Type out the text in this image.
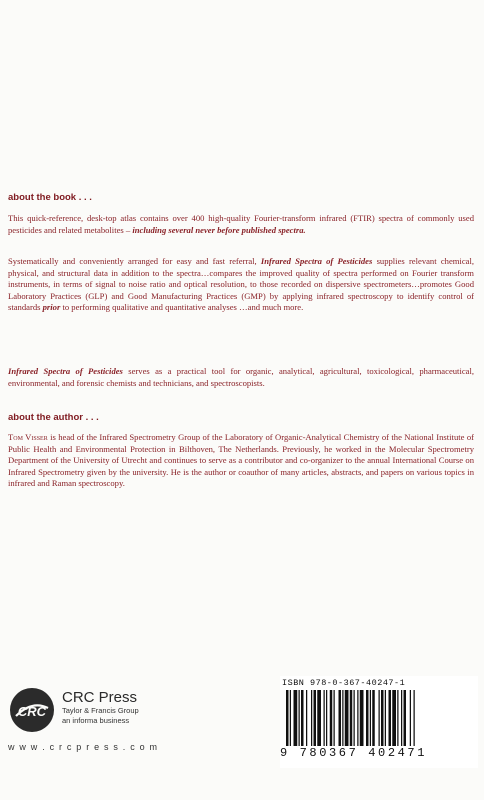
about the book . . .
This quick-reference, desk-top atlas contains over 400 high-quality Fourier-transform infrared (FTIR) spectra of commonly used pesticides and related metabolites – including several never before published spectra.
Systematically and conveniently arranged for easy and fast referral, Infrared Spectra of Pesticides supplies relevant chemical, physical, and structural data in addition to the spectra…compares the improved quality of spectra performed on Fourier transform instruments, in terms of signal to noise ratio and optical resolution, to those recorded on dispersive spectrometers…promotes Good Laboratory Practices (GLP) and Good Manufacturing Practices (GMP) by applying infrared spectroscopy to identify control of standards prior to performing qualitative and quantitative analyses …and much more.
Infrared Spectra of Pesticides serves as a practical tool for organic, analytical, agricultural, toxicological, pharmaceutical, environmental, and forensic chemists and technicians, and spectroscopists.
about the author . . .
Tom Visser is head of the Infrared Spectrometry Group of the Laboratory of Organic-Analytical Chemistry of the National Institute of Public Health and Environmental Protection in Bilthoven, The Netherlands. Previously, he worked in the Molecular Spectrometry Department of the University of Utrecht and continues to serve as a contributor and co-organizer to the annual International Course on Infrared Spectrometry given by the university. He is the author or coauthor of many articles, abstracts, and papers on various topics in infrared and Raman spectroscopy.
CRC
CRC Press
Taylor & Francis Group
an informa business
w w w . c r c p r e s s . c o m
ISBN 978-0-367-40247-1
9 780367 402471
